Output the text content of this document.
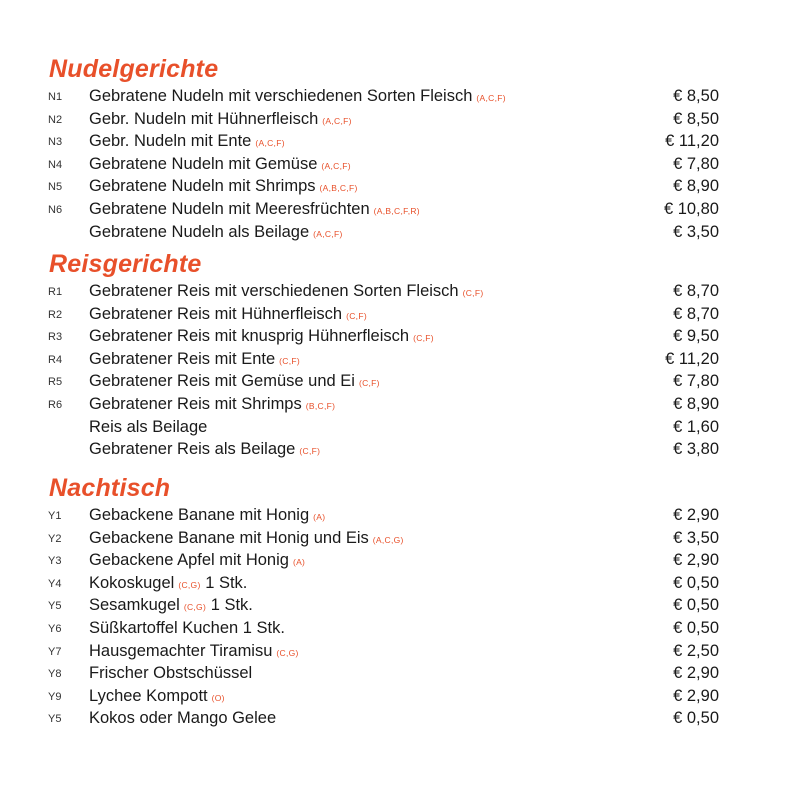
Nudelgerichte
N1 Gebratene Nudeln mit verschiedenen Sorten Fleisch (A,C,F)	€ 8,50
N2 Gebr. Nudeln mit Hühnerfleisch (A,C,F)	€ 8,50
N3 Gebr. Nudeln mit Ente (A,C,F)	€ 11,20
N4 Gebratene Nudeln mit Gemüse (A,C,F)	€ 7,80
N5 Gebratene Nudeln mit Shrimps (A,B,C,F)	€ 8,90
N6 Gebratene Nudeln mit Meeresfrüchten (A,B,C,F,R)	€ 10,80
Gebratene Nudeln als Beilage (A,C,F)	€ 3,50
Reisgerichte
R1 Gebratener Reis mit verschiedenen Sorten Fleisch (C,F)	€ 8,70
R2 Gebratener Reis mit Hühnerfleisch (C,F)	€ 8,70
R3 Gebratener Reis mit knusprig Hühnerfleisch (C,F)	€ 9,50
R4 Gebratener Reis mit Ente (C,F)	€ 11,20
R5 Gebratener Reis mit Gemüse und Ei (C,F)	€ 7,80
R6 Gebratener Reis mit Shrimps (B,C,F)	€ 8,90
Reis als Beilage	€ 1,60
Gebratener Reis als Beilage (C,F)	€ 3,80
Nachtisch
Y1 Gebackene Banane mit Honig (A)	€ 2,90
Y2 Gebackene Banane mit Honig und Eis (A,C,G)	€ 3,50
Y3 Gebackene Apfel mit Honig (A)	€ 2,90
Y4 Kokoskugel (C,G) 1 Stk.	€ 0,50
Y5 Sesamkugel (C,G) 1 Stk.	€ 0,50
Y6 Süßkartoffel Kuchen 1 Stk.	€ 0,50
Y7 Hausgemachter Tiramisu (C,G)	€ 2,50
Y8 Frischer Obstschüssel	€ 2,90
Y9 Lychee Kompott (O)	€ 2,90
Y5 Kokos oder Mango Gelee	€ 0,50
